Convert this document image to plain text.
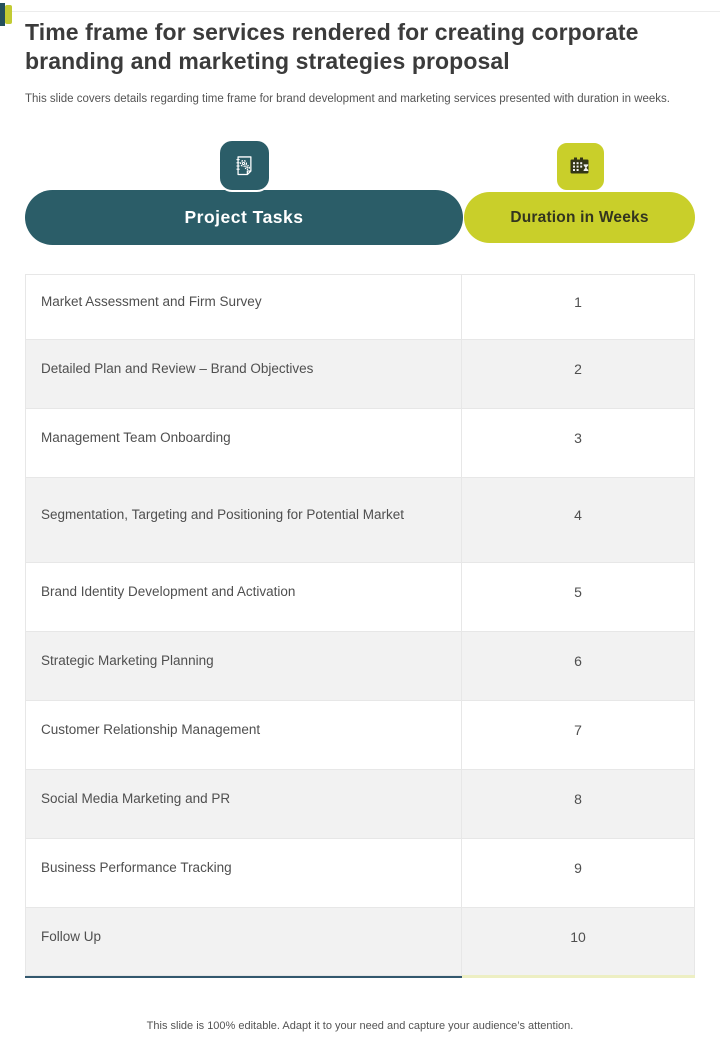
Time frame for services rendered for creating corporate branding and marketing strategies proposal
This slide covers details regarding time frame for brand development and marketing services presented with duration in weeks.
Project Tasks	Duration in Weeks
Market Assessment and Firm Survey	1
Detailed Plan and Review – Brand Objectives	2
Management Team Onboarding	3
Segmentation, Targeting and Positioning for Potential Market	4
Brand Identity Development and Activation	5
Strategic Marketing Planning	6
Customer Relationship Management	7
Social Media Marketing and PR	8
Business Performance Tracking	9
Follow Up	10
This slide is 100% editable. Adapt it to your need and capture your audience’s attention.
